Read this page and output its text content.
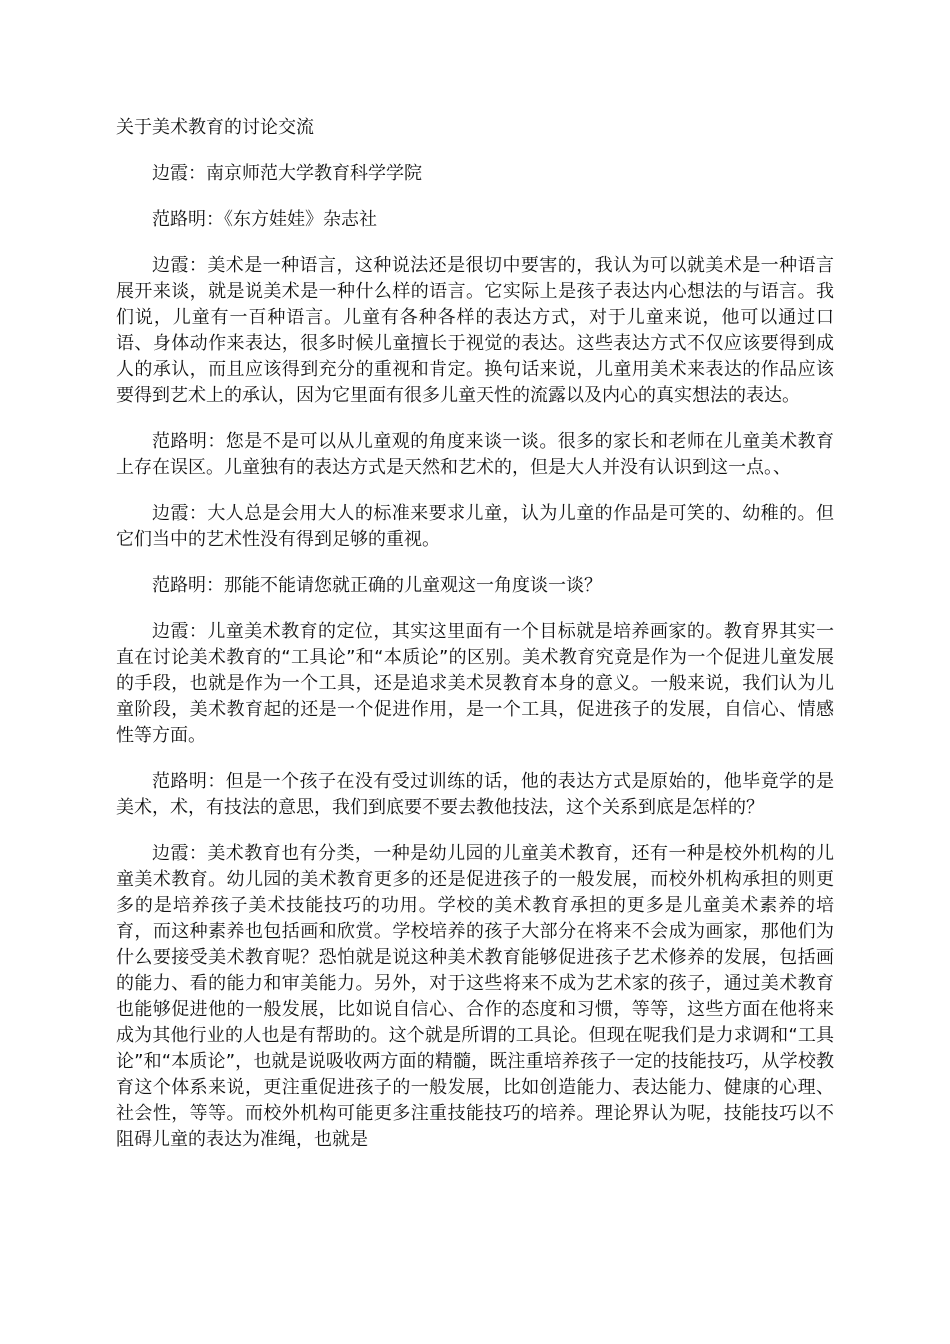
关于美术教育的讨论交流

边霞：南京师范大学教育科学学院

范路明：《东方娃娃》杂志社

边霞：美术是一种语言，这种说法还是很切中要害的，我认为可以就美术是一种语言展开来谈，就是说美术是一种什么样的语言。它实际上是孩子表达内心想法的与语言。我们说，儿童有一百种语言。儿童有各种各样的表达方式，对于儿童来说，他可以通过口语、身体动作来表达，很多时候儿童擅长于视觉的表达。这些表达方式不仅应该要得到成人的承认，而且应该得到充分的重视和肯定。换句话来说，儿童用美术来表达的作品应该要得到艺术上的承认，因为它里面有很多儿童天性的流露以及内心的真实想法的表达。

范路明：您是不是可以从儿童观的角度来谈一谈。很多的家长和老师在儿童美术教育上存在误区。儿童独有的表达方式是天然和艺术的，但是大人并没有认识到这一点。、

边霞：大人总是会用大人的标准来要求儿童，认为儿童的作品是可笑的、幼稚的。但它们当中的艺术性没有得到足够的重视。

范路明：那能不能请您就正确的儿童观这一角度谈一谈？

边霞：儿童美术教育的定位，其实这里面有一个目标就是培养画家的。教育界其实一直在讨论美术教育的“工具论”和“本质论”的区别。美术教育究竟是作为一个促进儿童发展的手段，也就是作为一个工具，还是追求美术炅教育本身的意义。一般来说，我们认为儿童阶段，美术教育起的还是一个促进作用，是一个工具，促进孩子的发展，自信心、情感性等方面。

范路明：但是一个孩子在没有受过训练的话，他的表达方式是原始的，他毕竟学的是美术，术，有技法的意思，我们到底要不要去教他技法，这个关系到底是怎样的？

边霞：美术教育也有分类，一种是幼儿园的儿童美术教育，还有一种是校外机构的儿童美术教育。幼儿园的美术教育更多的还是促进孩子的一般发展，而校外机构承担的则更多的是培养孩子美术技能技巧的功用。学校的美术教育承担的更多是儿童美术素养的培育，而这种素养也包括画和欣赏。学校培养的孩子大部分在将来不会成为画家，那他们为什么要接受美术教育呢？恐怕就是说这种美术教育能够促进孩子艺术修养的发展，包括画的能力、看的能力和审美能力。另外，对于这些将来不成为艺术家的孩子，通过美术教育也能够促进他的一般发展，比如说自信心、合作的态度和习惯，等等，这些方面在他将来成为其他行业的人也是有帮助的。这个就是所谓的工具论。但现在呢我们是力求调和“工具论”和“本质论”，也就是说吸收两方面的精髓，既注重培养孩子一定的技能技巧，从学校教育这个体系来说，更注重促进孩子的一般发展，比如创造能力、表达能力、健康的心理、社会性，等等。而校外机构可能更多注重技能技巧的培养。理论界认为呢，技能技巧以不阻碍儿童的表达为准绳，也就是
